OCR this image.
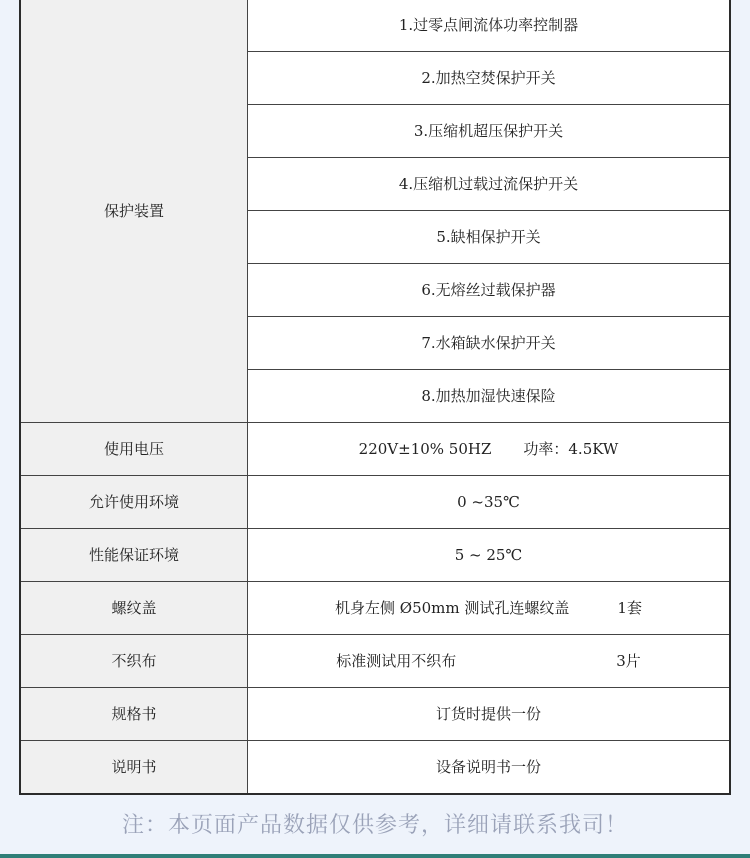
保护装置	1.过零点闸流体功率控制器
	2.加热空焚保护开关
	3.压缩机超压保护开关
	4.压缩机过载过流保护开关
	5.缺相保护开关
	6.无熔丝过载保护器
	7.水箱缺水保护开关
	8.加热加湿快速保险
使用电压	220V±10% 50HZ 功率：4.5KW

允许使用环境	0 ~35℃
性能保证环境	5 ~ 25℃
螺纹盖	机身左侧 Ø50mm 测试孔连螺纹盖 1套

不织布	标准测试用不织布 3片

规格书	订货时提供一份
说明书	设备说明书一份
注：本页面产品数据仅供参考，详细请联系我司！
